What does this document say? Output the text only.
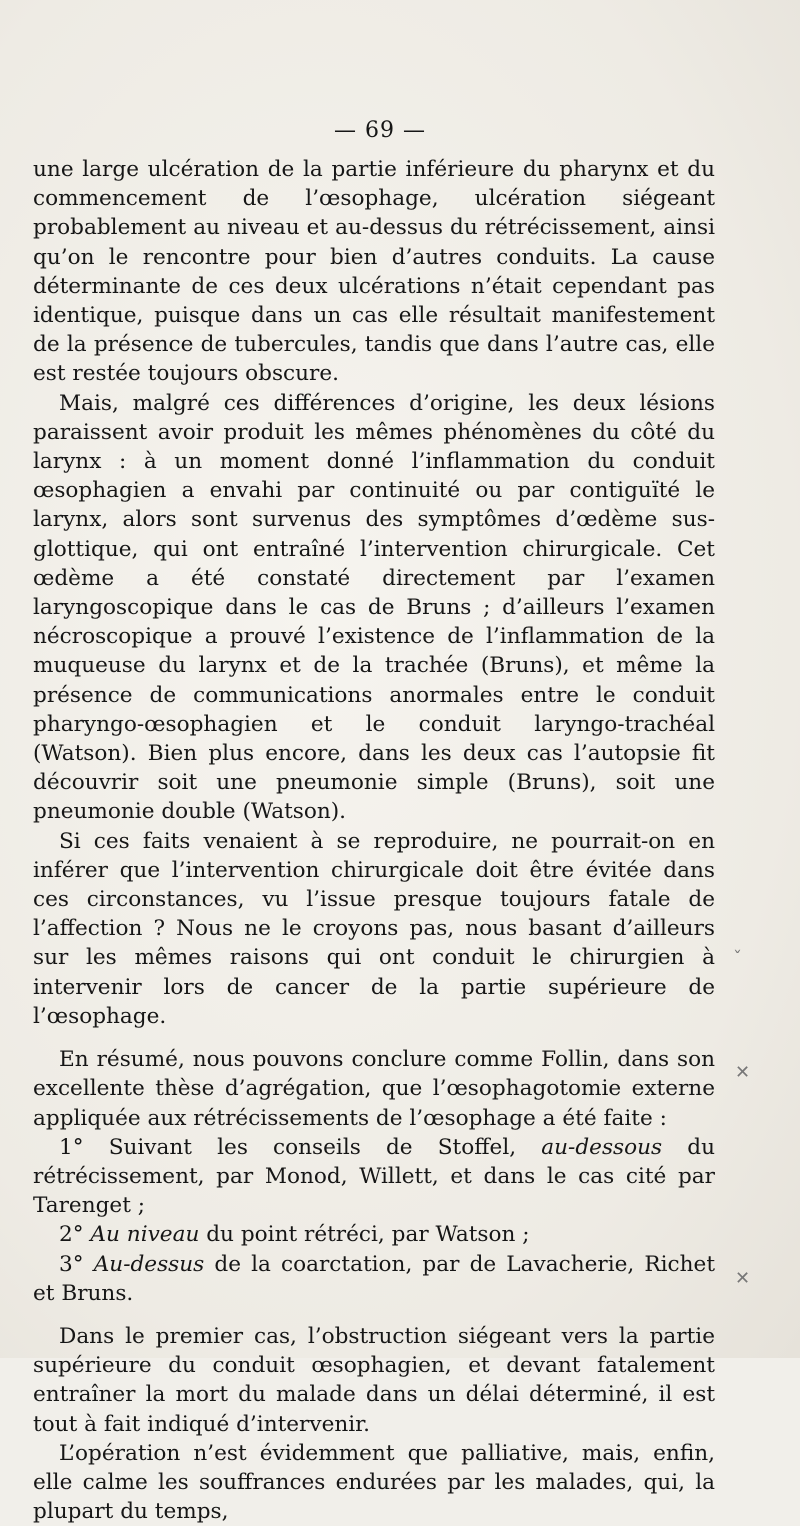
— 69 —

une large ulcération de la partie inférieure du pharynx et du commencement de l’œsophage, ulcération siégeant probablement au niveau et au-dessus du rétrécissement, ainsi qu’on le rencontre pour bien d’autres conduits. La cause déterminante de ces deux ulcérations n’était cependant pas identique, puisque dans un cas elle résultait manifestement de la présence de tubercules, tandis que dans l’autre cas, elle est restée toujours obscure.

Mais, malgré ces différences d’origine, les deux lésions paraissent avoir produit les mêmes phénomènes du côté du larynx : à un moment donné l’inflammation du conduit œsophagien a envahi par continuité ou par contiguïté le larynx, alors sont survenus des symptômes d’œdème sus-glottique, qui ont entraîné l’intervention chirurgicale. Cet œdème a été constaté directement par l’examen laryngoscopique dans le cas de Bruns ; d’ailleurs l’examen nécroscopique a prouvé l’existence de l’inflammation de la muqueuse du larynx et de la trachée (Bruns), et même la présence de communications anormales entre le conduit pharyngo-œsophagien et le conduit laryngo-trachéal (Watson). Bien plus encore, dans les deux cas l’autopsie fit découvrir soit une pneumonie simple (Bruns), soit une pneumonie double (Watson).

Si ces faits venaient à se reproduire, ne pourrait-on en inférer que l’intervention chirurgicale doit être évitée dans ces circonstances, vu l’issue presque toujours fatale de l’affection ? Nous ne le croyons pas, nous basant d’ailleurs sur les mêmes raisons qui ont conduit le chirurgien à intervenir lors de cancer de la partie supérieure de l’œsophage.

En résumé, nous pouvons conclure comme Follin, dans son excellente thèse d’agrégation, que l’œsophagotomie externe appliquée aux rétrécissements de l’œsophage a été faite :

1° Suivant les conseils de Stoffel, au-dessous du rétrécissement, par Monod, Willett, et dans le cas cité par Tarenget ;

2° Au niveau du point rétréci, par Watson ;

3° Au-dessus de la coarctation, par de Lavacherie, Richet et Bruns.

Dans le premier cas, l’obstruction siégeant vers la partie supérieure du conduit œsophagien, et devant fatalement entraîner la mort du malade dans un délai déterminé, il est tout à fait indiqué d’intervenir.

L’opération n’est évidemment que palliative, mais, enfin, elle calme les souffrances endurées par les malades, qui, la plupart du temps,

ˇ
✕
✕
